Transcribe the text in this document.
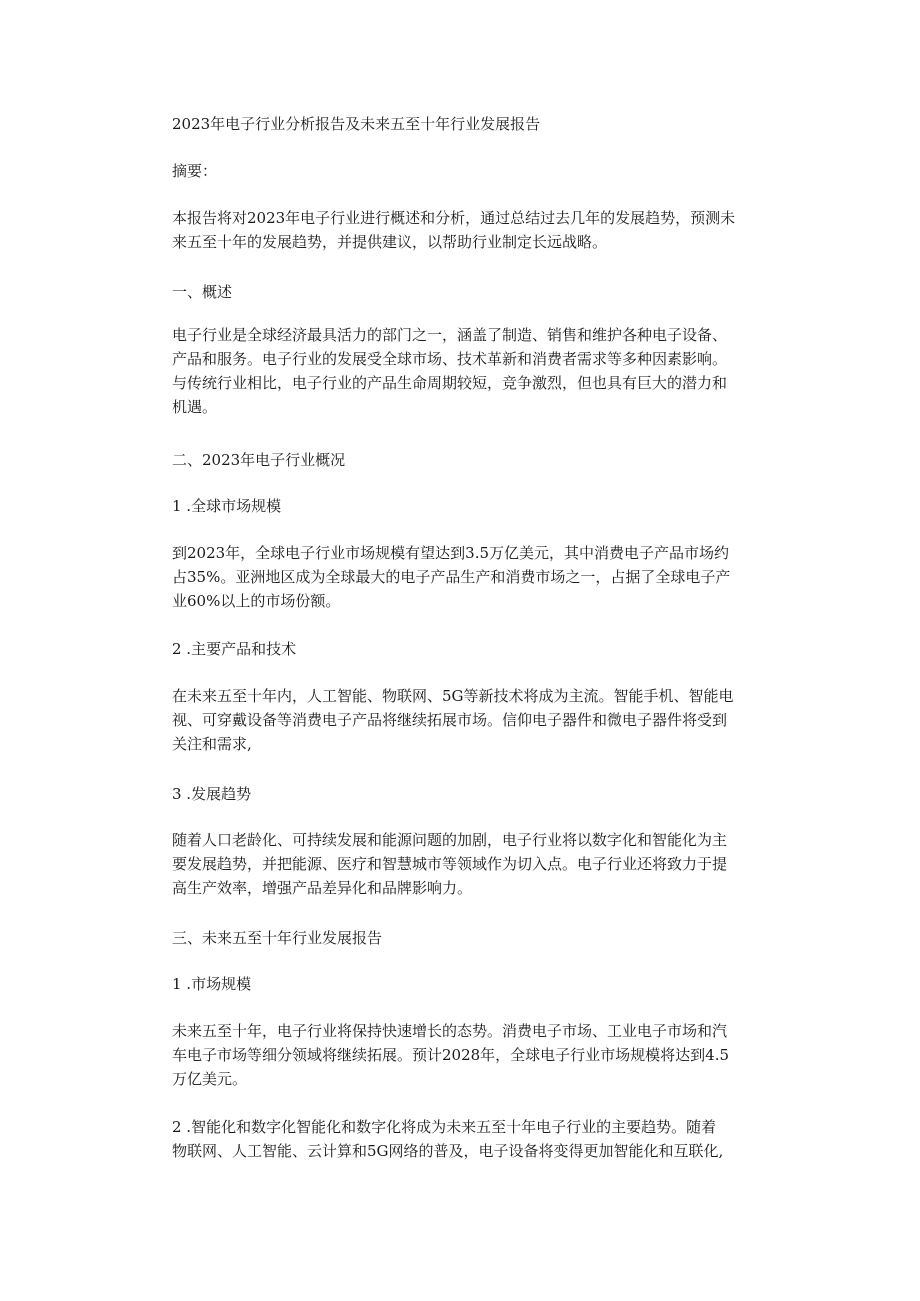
2023年电子行业分析报告及未来五至十年行业发展报告
摘要：
本报告将对2023年电子行业进行概述和分析，通过总结过去几年的发展趋势，预测未
来五至十年的发展趋势，并提供建议，以帮助行业制定长远战略。
一、概述
电子行业是全球经济最具活力的部门之一，涵盖了制造、销售和维护各种电子设备、
产品和服务。电子行业的发展受全球市场、技术革新和消费者需求等多种因素影响。
与传统行业相比，电子行业的产品生命周期较短，竞争激烈，但也具有巨大的潜力和
机遇。
二、2023年电子行业概况
1 .全球市场规模
到2023年，全球电子行业市场规模有望达到3.5万亿美元，其中消费电子产品市场约
占35%。亚洲地区成为全球最大的电子产品生产和消费市场之一，占据了全球电子产
业60%以上的市场份额。
2 .主要产品和技术
在未来五至十年内，人工智能、物联网、5G等新技术将成为主流。智能手机、智能电
视、可穿戴设备等消费电子产品将继续拓展市场。信仰电子器件和微电子器件将受到
关注和需求,
3 .发展趋势
随着人口老龄化、可持续发展和能源问题的加剧，电子行业将以数字化和智能化为主
要发展趋势，并把能源、医疗和智慧城市等领域作为切入点。电子行业还将致力于提
高生产效率，增强产品差异化和品牌影响力。
三、未来五至十年行业发展报告
1 .市场规模
未来五至十年，电子行业将保持快速增长的态势。消费电子市场、工业电子市场和汽
车电子市场等细分领域将继续拓展。预计2028年，全球电子行业市场规模将达到4.5
万亿美元。
2 .智能化和数字化智能化和数字化将成为未来五至十年电子行业的主要趋势。随着
物联网、人工智能、云计算和5G网络的普及，电子设备将变得更加智能化和互联化,
